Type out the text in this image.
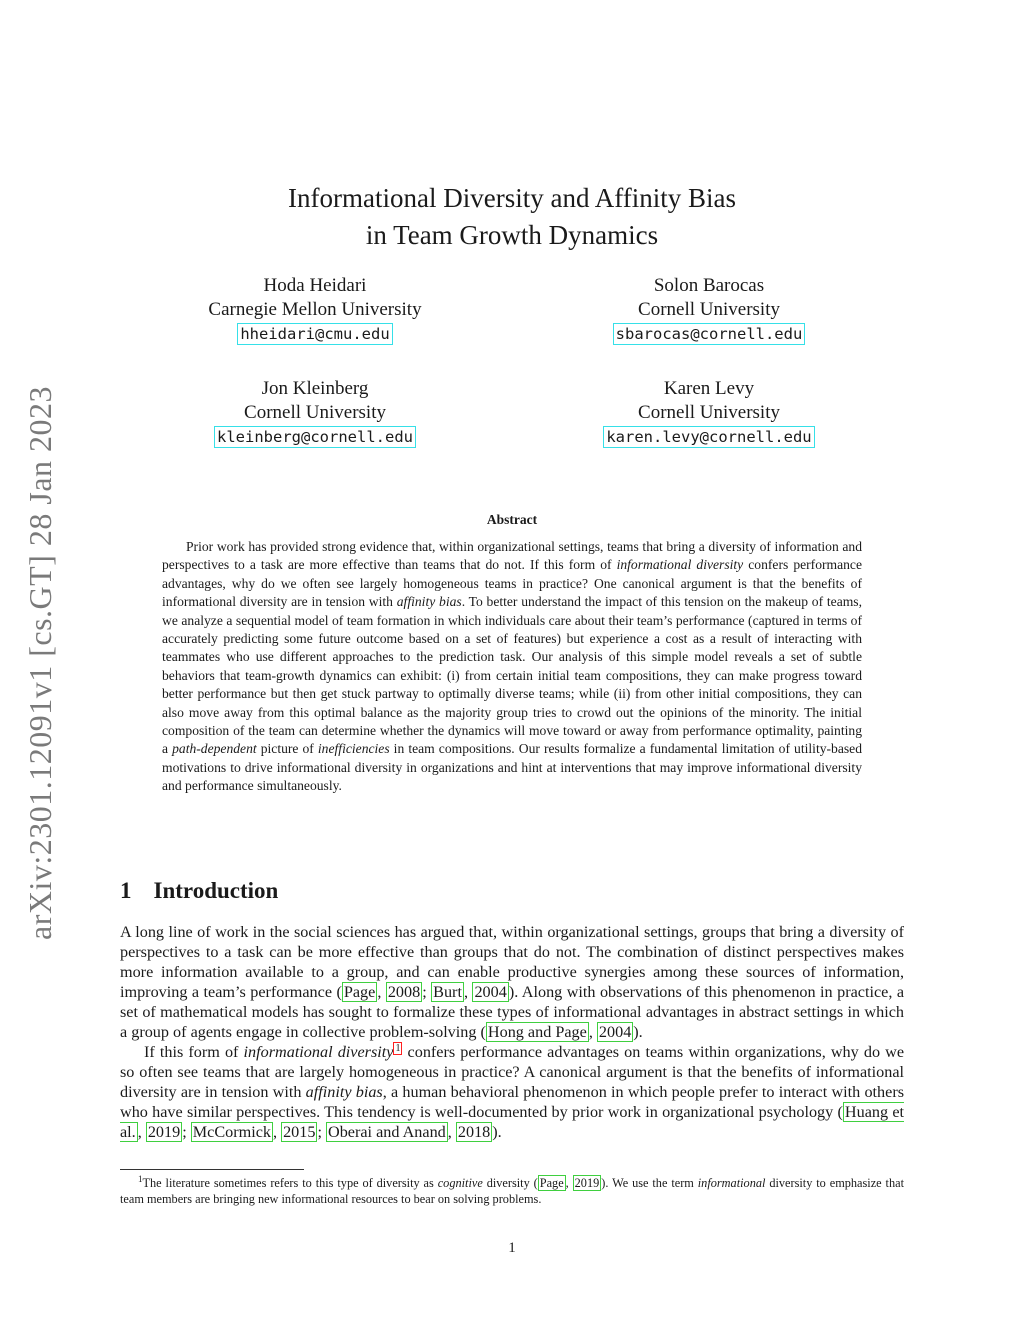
arXiv:2301.12091v1 [cs.GT] 28 Jan 2023
Informational Diversity and Affinity Bias
in Team Growth Dynamics
Hoda Heidari
Carnegie Mellon University
hheidari@cmu.edu
Solon Barocas
Cornell University
sbarocas@cornell.edu
Jon Kleinberg
Cornell University
kleinberg@cornell.edu
Karen Levy
Cornell University
karen.levy@cornell.edu
Abstract
Prior work has provided strong evidence that, within organizational settings, teams that bring a diversity of information and perspectives to a task are more effective than teams that do not. If this form of informational diversity confers performance advantages, why do we often see largely homogeneous teams in practice? One canonical argument is that the benefits of informational diversity are in tension with affinity bias. To better understand the impact of this tension on the makeup of teams, we analyze a sequential model of team formation in which individuals care about their team’s performance (captured in terms of accurately predicting some future outcome based on a set of features) but experience a cost as a result of interacting with teammates who use different approaches to the prediction task. Our analysis of this simple model reveals a set of subtle behaviors that team-growth dynamics can exhibit: (i) from certain initial team compositions, they can make progress toward better performance but then get stuck partway to optimally diverse teams; while (ii) from other initial compositions, they can also move away from this optimal balance as the majority group tries to crowd out the opinions of the minority. The initial composition of the team can determine whether the dynamics will move toward or away from performance optimality, painting a path-dependent picture of inefficiencies in team compositions. Our results formalize a fundamental limitation of utility-based motivations to drive informational diversity in organizations and hint at interventions that may improve informational diversity and performance simultaneously.
1 Introduction

A long line of work in the social sciences has argued that, within organizational settings, groups that bring a diversity of perspectives to a task can be more effective than groups that do not. The combination of distinct perspectives makes more information available to a group, and can enable productive synergies among these sources of information, improving a team’s performance ( Page , 2008 ; Burt , 2004 ). Along with observations of this phenomenon in practice, a set of mathematical models has sought to formalize these types of informational advantages in abstract settings in which a group of agents engage in collective problem-solving ( Hong and Page , 2004 ).

If this form of informational diversity $^1$ confers performance advantages on teams within organizations, why do we so often see teams that are largely homogeneous in practice? A canonical argument is that the benefits of informational diversity are in tension with affinity bias, a human behavioral phenomenon in which people prefer to interact with others who have similar perspectives. This tendency is well-documented by prior work in organizational psychology ( Huang et al. , 2019 ; McCormick , 2015 ; Oberai and Anand , 2018 ).

$^1$The literature sometimes refers to this type of diversity as cognitive diversity ( Page , 2019 ). We use the term informational diversity to emphasize that team members are bringing new informational resources to bear on solving problems.
1
